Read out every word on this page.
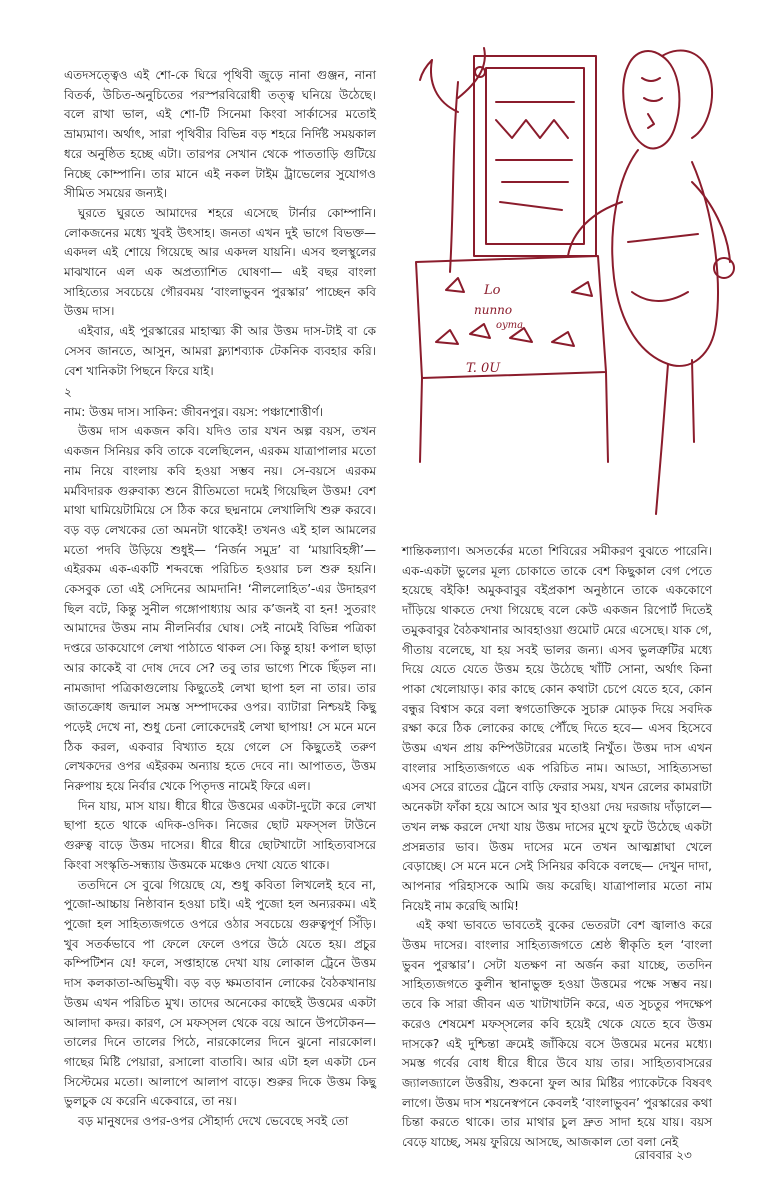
এতদসত্ত্বেও এই শো-কে ঘিরে পৃথিবী জুড়ে নানা গুঞ্জন, নানা বিতর্ক, উচিত-অনুচিতের পরস্পরবিরোধী তত্ত্ব ঘনিয়ে উঠেছে। বলে রাখা ভাল, এই শো-টি সিনেমা কিংবা সার্কাসের মতোই ভ্রাম্যমাণ। অর্থাৎ, সারা পৃথিবীর বিভিন্ন বড় শহরে নির্দিষ্ট সময়কাল ধরে অনুষ্ঠিত হচ্ছে এটা। তারপর সেখান থেকে পাততাড়ি গুটিয়ে নিচ্ছে কোম্পানি। তার মানে এই নকল টাইম ট্রাভেলের সুযোগও সীমিত সময়ের জন্যই।

ঘুরতে ঘুরতে আমাদের শহরে এসেছে টার্নার কোম্পানি। লোকজনের মধ্যে খুবই উৎসাহ। জনতা এখন দুই ভাগে বিভক্ত— একদল এই শোয়ে গিয়েছে আর একদল যায়নি। এসব হুলস্থুলের মাঝখানে এল এক অপ্রত্যাশিত ঘোষণা— এই বছর বাংলা সাহিত্যের সবচেয়ে গৌরবময় ‘বাংলাভুবন পুরস্কার’ পাচ্ছেন কবি উত্তম দাস।

এইবার, এই পুরস্কারের মাহাত্ম্য কী আর উত্তম দাস-টাই বা কে সেসব জানতে, আসুন, আমরা ফ্ল্যাশব্যাক টেকনিক ব্যবহার করি। বেশ খানিকটা পিছনে ফিরে যাই।

Lo
nunno
oyma
T. 0U

২

নাম: উত্তম দাস। সাকিন: জীবনপুর। বয়স: পঞ্চাশোত্তীর্ণ।

উত্তম দাস একজন কবি। যদিও তার যখন অল্প বয়স, তখন একজন সিনিয়র কবি তাকে বলেছিলেন, এরকম যাত্রাপালার মতো নাম নিয়ে বাংলায় কবি হওয়া সম্ভব নয়। সে-বয়সে এরকম মর্মবিদারক গুরুবাক্য শুনে রীতিমতো দমেই গিয়েছিল উত্তম! বেশ মাথা ঘামিয়েটামিয়ে সে ঠিক করে ছদ্মনামে লেখালিখি শুরু করবে। বড় বড় লেখকের তো অমনটা থাকেই! তখনও এই হাল আমলের মতো পদবি উড়িয়ে শুধুই— ‘নির্জন সমুদ্র’ বা ‘মায়াবিহঙ্গী’— এইরকম এক-একটি শব্দবন্ধে পরিচিত হওয়ার চল শুরু হয়নি। কেসবুক তো এই সেদিনের আমদানি! ‘নীললোহিত’-এর উদাহরণ ছিল বটে, কিন্তু সুনীল গঙ্গোপাধ্যায় আর ক’জনই বা হন! সুতরাং আমাদের উত্তম নাম নীলনির্বার ঘোষ। সেই নামেই বিভিন্ন পত্রিকা দপ্তরে ডাকযোগে লেখা পাঠাতে থাকল সে। কিন্তু হায়! কপাল ছাড়া আর কাকেই বা দোষ দেবে সে? তবু তার ভাগ্যে শিকে ছিঁড়ল না। নামজাদা পত্রিকাগুলোয় কিছুতেই লেখা ছাপা হল না তার। তার জাতক্রোধ জন্মাল সমস্ত সম্পাদকের ওপর। ব্যাটারা নিশ্চয়ই কিছু পড়েই দেখে না, শুধু চেনা লোকেদেরই লেখা ছাপায়! সে মনে মনে ঠিক করল, একবার বিখ্যাত হয়ে গেলে সে কিছুতেই তরুণ লেখকদের ওপর এইরকম অন্যায় হতে দেবে না। আপাতত, উত্তম নিরুপায় হয়ে নির্বার খেকে পিতৃদত্ত নামেই ফিরে এল।

দিন যায়, মাস যায়। ধীরে ধীরে উত্তমের একটা-দুটো করে লেখা ছাপা হতে থাকে এদিক-ওদিক। নিজের ছোট মফস্সল টাউনে গুরুত্ব বাড়ে উত্তম দাসের। ধীরে ধীরে ছোটখাটো সাহিত্যবাসরে কিংবা সংস্কৃতি-সন্ধ্যায় উত্তমকে মঞ্চেও দেখা যেতে থাকে।

ততদিনে সে বুঝে গিয়েছে যে, শুধু কবিতা লিখলেই হবে না, পুজো-আচ্চায় নিষ্ঠাবান হওয়া চাই। এই পুজো হল অন্যরকম। এই পুজো হল সাহিত্যজগতে ওপরে ওঠার সবচেয়ে গুরুত্বপূর্ণ সিঁড়ি। খুব সতর্কভাবে পা ফেলে ফেলে ওপরে উঠে যেতে হয়। প্রচুর কম্পিটিশন যে! ফলে, সপ্তাহান্তে দেখা যায় লোকাল ট্রেনে উত্তম দাস কলকাতা-অভিমুখী। বড় বড় ক্ষমতাবান লোকের বৈঠকখানায় উত্তম এখন পরিচিত মুখ। তাদের অনেকের কাছেই উত্তমের একটা আলাদা কদর। কারণ, সে মফস্সল থেকে বয়ে আনে উপঢৌকন— তালের দিনে তালের পিঠে, নারকোলের দিনে ঝুনো নারকোল। গাছের মিষ্টি পেয়ারা, রসালো বাতাবি। আর এটা হল একটা চেন সিস্টেমের মতো। আলাপে আলাপ বাড়ে। শুরুর দিকে উত্তম কিছু ভুলচুক যে করেনি একেবারে, তা নয়।

বড় মানুষদের ওপর-ওপর সৌহার্দ্য দেখে ভেবেছে সবই তো

শান্তিকল্যাণ। অসতর্কের মতো শিবিরের সমীকরণ বুঝতে পারেনি। এক-একটা ভুলের মূল্য চোকাতে তাকে বেশ কিছুকাল বেগ পেতে হয়েছে বইকি! অমুকবাবুর বইপ্রকাশ অনুষ্ঠানে তাকে এককোণে দাঁড়িয়ে থাকতে দেখা গিয়েছে বলে কেউ একজন রিপোর্ট দিতেই তমুকবাবুর বৈঠকখানার আবহাওয়া গুমোট মেরে এসেছে। যাক গে, গীতায় বলেছে, যা হয় সবই ভালর জন্য। এসব ভুলত্রুটির মধ্যে দিয়ে যেতে যেতে উত্তম হয়ে উঠেছে খাঁটি সোনা, অর্থাৎ কিনা পাকা খেলোয়াড়। কার কাছে কোন কথাটা চেপে যেতে হবে, কোন বন্ধুর বিশ্বাস করে বলা স্বগতোক্তিকে সুচারু মোড়ক দিয়ে সবদিক রক্ষা করে ঠিক লোকের কাছে পৌঁছে দিতে হবে— এসব হিসেবে উত্তম এখন প্রায় কম্পিউটারের মতোই নিখুঁত। উত্তম দাস এখন বাংলার সাহিত্যজগতে এক পরিচিত নাম। আড্ডা, সাহিত্যসভা এসব সেরে রাতের ট্রেনে বাড়ি ফেরার সময়, যখন রেলের কামরাটা অনেকটা ফাঁকা হয়ে আসে আর খুব হাওয়া দেয় দরজায় দাঁড়ালে— তখন লক্ষ করলে দেখা যায় উত্তম দাসের মুখে ফুটে উঠেছে একটা প্রসন্নতার ভাব। উত্তম দাসের মনে তখন আত্মশ্লাঘা খেলে বেড়াচ্ছে। সে মনে মনে সেই সিনিয়র কবিকে বলছে— দেখুন দাদা, আপনার পরিহাসকে আমি জয় করেছি। যাত্রাপালার মতো নাম নিয়েই নাম করেছি আমি!

এই কথা ভাবতে ভাবতেই বুকের ভেতরটা বেশ জ্বালাও করে উত্তম দাসের। বাংলার সাহিত্যজগতে শ্রেষ্ঠ স্বীকৃতি হল ‘বাংলা ভুবন পুরস্কার’। সেটা যতক্ষণ না অর্জন করা যাচ্ছে, ততদিন সাহিত্যজগতে কুলীন স্থানাভুক্ত হওয়া উত্তমের পক্ষে সম্ভব নয়। তবে কি সারা জীবন এত খাটাখাটনি করে, এত সুচতুর পদক্ষেপ করেও শেষমেশ মফস্সলের কবি হয়েই থেকে যেতে হবে উত্তম দাসকে? এই দুশ্চিন্তা ক্রমেই জাঁকিয়ে বসে উত্তমের মনের মধ্যে। সমস্ত গর্বের বোধ ধীরে ধীরে উবে যায় তার। সাহিত্যবাসরের জ্যালজ্যালে উত্তরীয়, শুকনো ফুল আর মিষ্টির প্যাকেটকে বিষবৎ লাগে। উত্তম দাস শয়নেস্বপনে কেবলই ‘বাংলাভুবন’ পুরস্কারের কথা চিন্তা করতে থাকে। তার মাথার চুল দ্রুত সাদা হয়ে যায়। বয়স বেড়ে যাচ্ছে, সময় ফুরিয়ে আসছে, আজকাল তো বলা নেই

রোববার ২৩
